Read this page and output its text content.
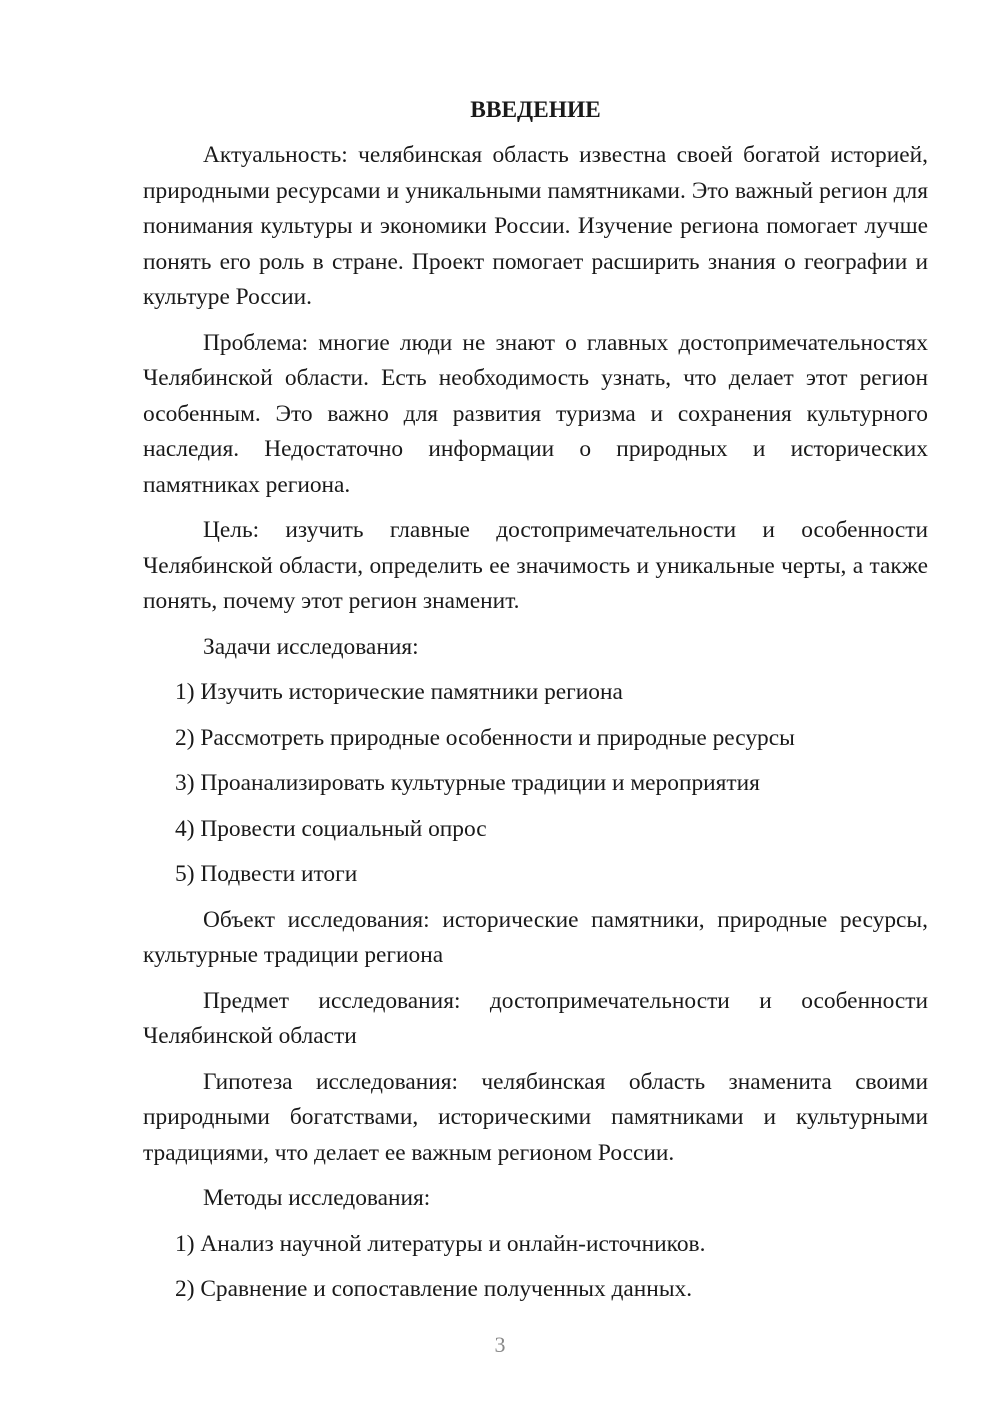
ВВЕДЕНИЕ

Актуальность: челябинская область известна своей богатой историей, природными ресурсами и уникальными памятниками. Это важный регион для понимания культуры и экономики России. Изучение региона помогает лучше понять его роль в стране. Проект помогает расширить знания о географии и культуре России.

Проблема: многие люди не знают о главных достопримечательностях Челябинской области. Есть необходимость узнать, что делает этот регион особенным. Это важно для развития туризма и сохранения культурного наследия. Недостаточно информации о природных и исторических памятниках региона.

Цель: изучить главные достопримечательности и особенности Челябинской области, определить ее значимость и уникальные черты, а также понять, почему этот регион знаменит.

Задачи исследования:

1) Изучить исторические памятники региона

2) Рассмотреть природные особенности и природные ресурсы

3) Проанализировать культурные традиции и мероприятия

4) Провести социальный опрос

5) Подвести итоги

Объект исследования: исторические памятники, природные ресурсы, культурные традиции региона

Предмет исследования: достопримечательности и особенности Челябинской области

Гипотеза исследования: челябинская область знаменита своими природными богатствами, историческими памятниками и культурными традициями, что делает ее важным регионом России.

Методы исследования:

1) Анализ научной литературы и онлайн-источников.

2) Сравнение и сопоставление полученных данных.

3
